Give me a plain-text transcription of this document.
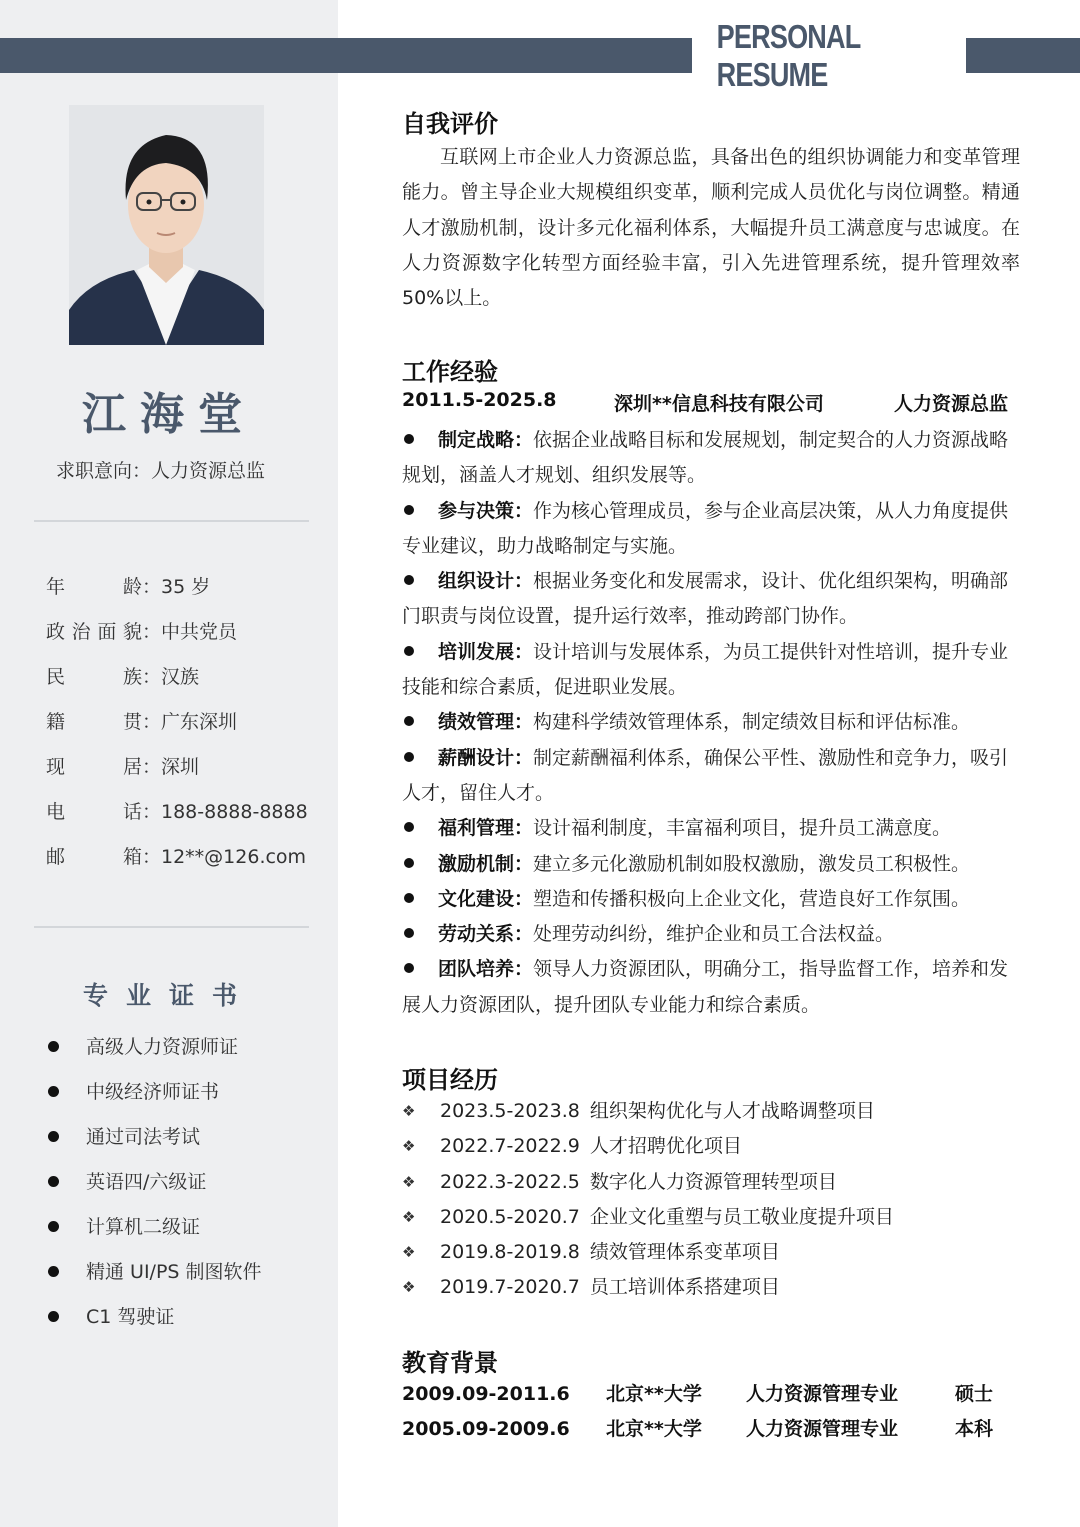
PERSONAL RESUME
江海堂
求职意向：人力资源总监
年	龄 ： 35 岁
政 治 面 貌 ： 中共党员
民	族 ： 汉族
籍	贯 ： 广东深圳
现	居 ： 深圳
电	话 ： 188-8888-8888
邮	箱 ： 12**@126.com
专业证书
高级人力资源师证
中级经济师证书
通过司法考试
英语四/六级证
计算机二级证
精通 UI/PS 制图软件
C1 驾驶证
自我评价
互联网上市企业人力资源总监，具备出色的组织协调能力和变革管理能力。曾主导企业大规模组织变革，顺利完成人员优化与岗位调整。精通人才激励机制，设计多元化福利体系，大幅提升员工满意度与忠诚度。在人力资源数字化转型方面经验丰富，引入先进管理系统，提升管理效率 50%以上。
工作经验
2011.5-2025.8	深圳**信息科技有限公司	人力资源总监
制定战略：依据企业战略目标和发展规划，制定契合的人力资源战略规划，涵盖人才规划、组织发展等。
参与决策：作为核心管理成员，参与企业高层决策，从人力角度提供专业建议，助力战略制定与实施。
组织设计：根据业务变化和发展需求，设计、优化组织架构，明确部门职责与岗位设置，提升运行效率，推动跨部门协作。
培训发展：设计培训与发展体系，为员工提供针对性培训，提升专业技能和综合素质，促进职业发展。
绩效管理：构建科学绩效管理体系，制定绩效目标和评估标准。
薪酬设计：制定薪酬福利体系，确保公平性、激励性和竞争力，吸引人才，留住人才。
福利管理：设计福利制度，丰富福利项目，提升员工满意度。
激励机制：建立多元化激励机制如股权激励，激发员工积极性。
文化建设：塑造和传播积极向上企业文化，营造良好工作氛围。
劳动关系：处理劳动纠纷，维护企业和员工合法权益。
团队培养：领导人力资源团队，明确分工，指导监督工作，培养和发展人力资源团队，提升团队专业能力和综合素质。
项目经历
❖	2023.5-2023.8 组织架构优化与人才战略调整项目
❖	2022.7-2022.9 人才招聘优化项目
❖	2022.3-2022.5 数字化人力资源管理转型项目
❖	2020.5-2020.7 企业文化重塑与员工敬业度提升项目
❖	2019.8-2019.8 绩效管理体系变革项目
❖	2019.7-2020.7 员工培训体系搭建项目
教育背景
2009.09-2011.6 北京**大学 人力资源管理专业	硕士
2005.09-2009.6 北京**大学 人力资源管理专业	本科
